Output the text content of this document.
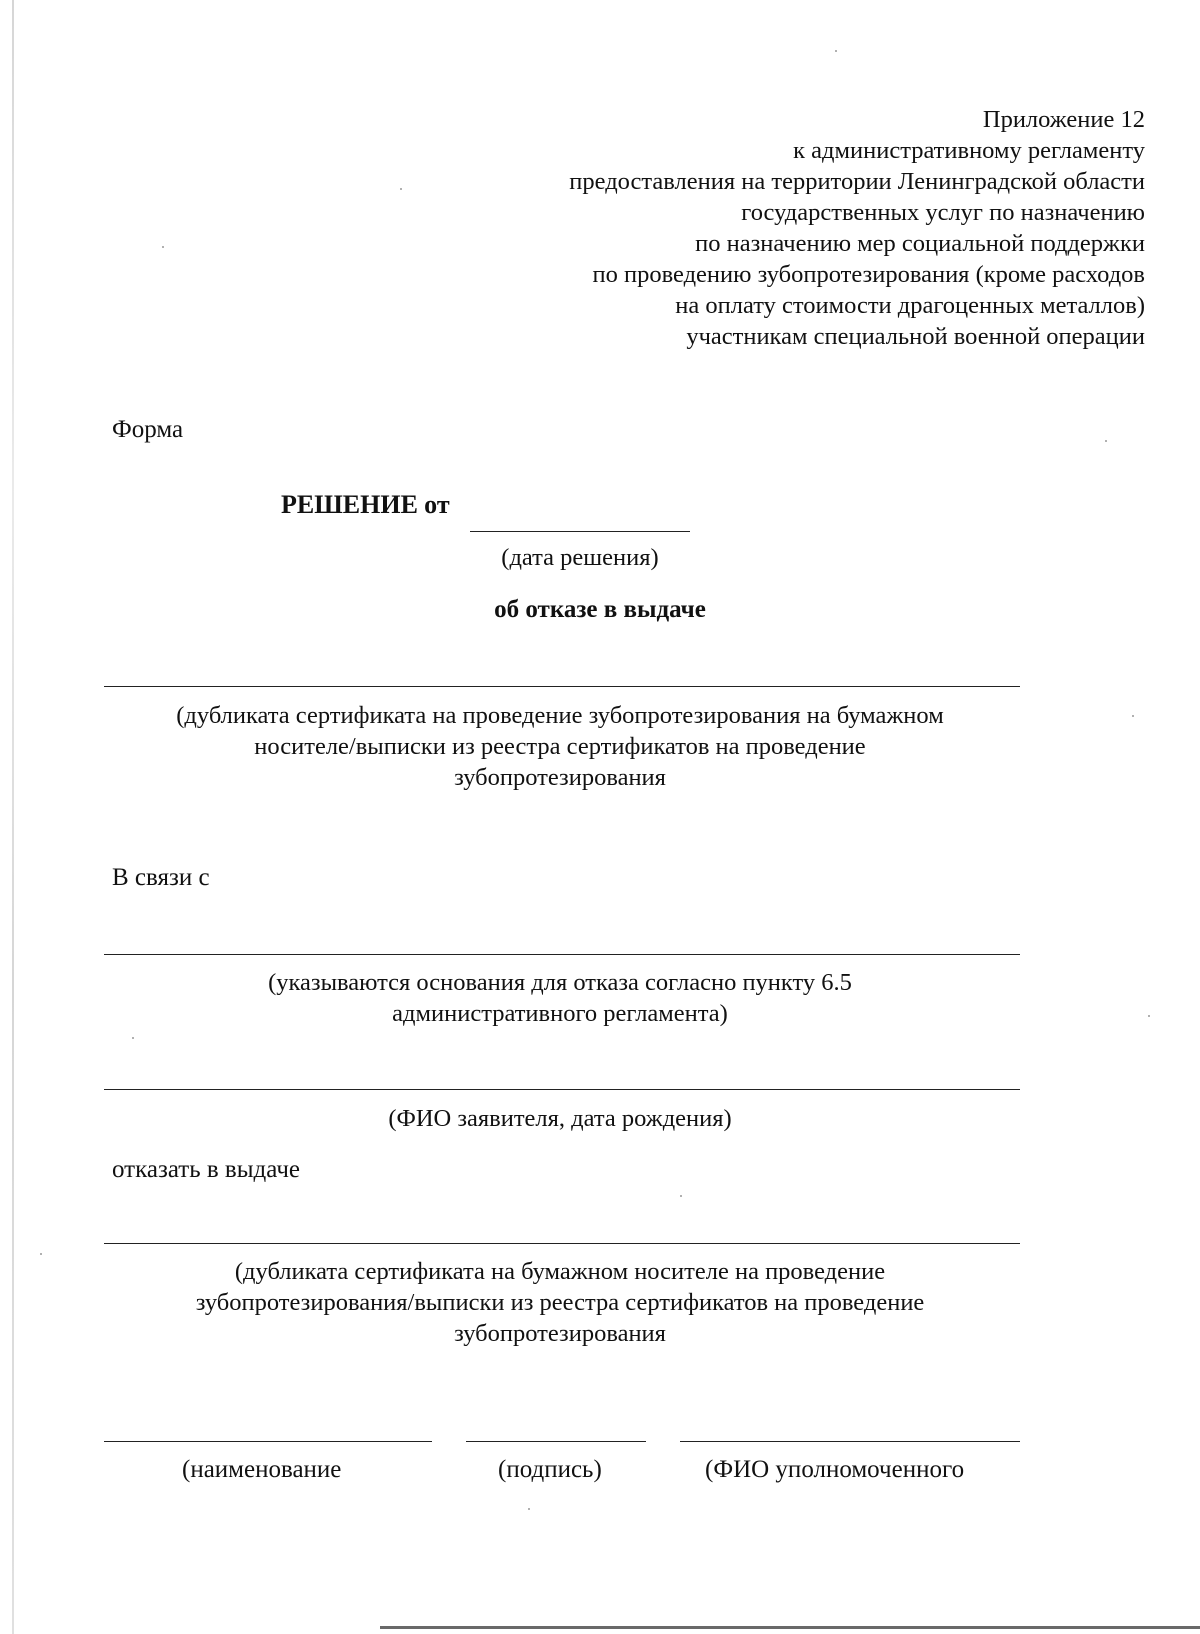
Приложение 12
к административному регламенту
предоставления на территории Ленинградской области
государственных услуг по назначению
по назначению мер социальной поддержки
по проведению зубопротезирования (кроме расходов
на оплату стоимости драгоценных металлов)
участникам специальной военной операции
Форма
РЕШЕНИЕ от
(дата решения)
об отказе в выдаче
(дубликата сертификата на проведение зубопротезирования на бумажном
носителе/выписки из реестра сертификатов на проведение
зубопротезирования
В связи с
(указываются основания для отказа согласно пункту 6.5
административного регламента)
(ФИО заявителя, дата рождения)
отказать в выдаче
(дубликата сертификата на бумажном носителе на проведение
зубопротезирования/выписки из реестра сертификатов на проведение
зубопротезирования
(наименование	(подпись)	(ФИО уполномоченного
